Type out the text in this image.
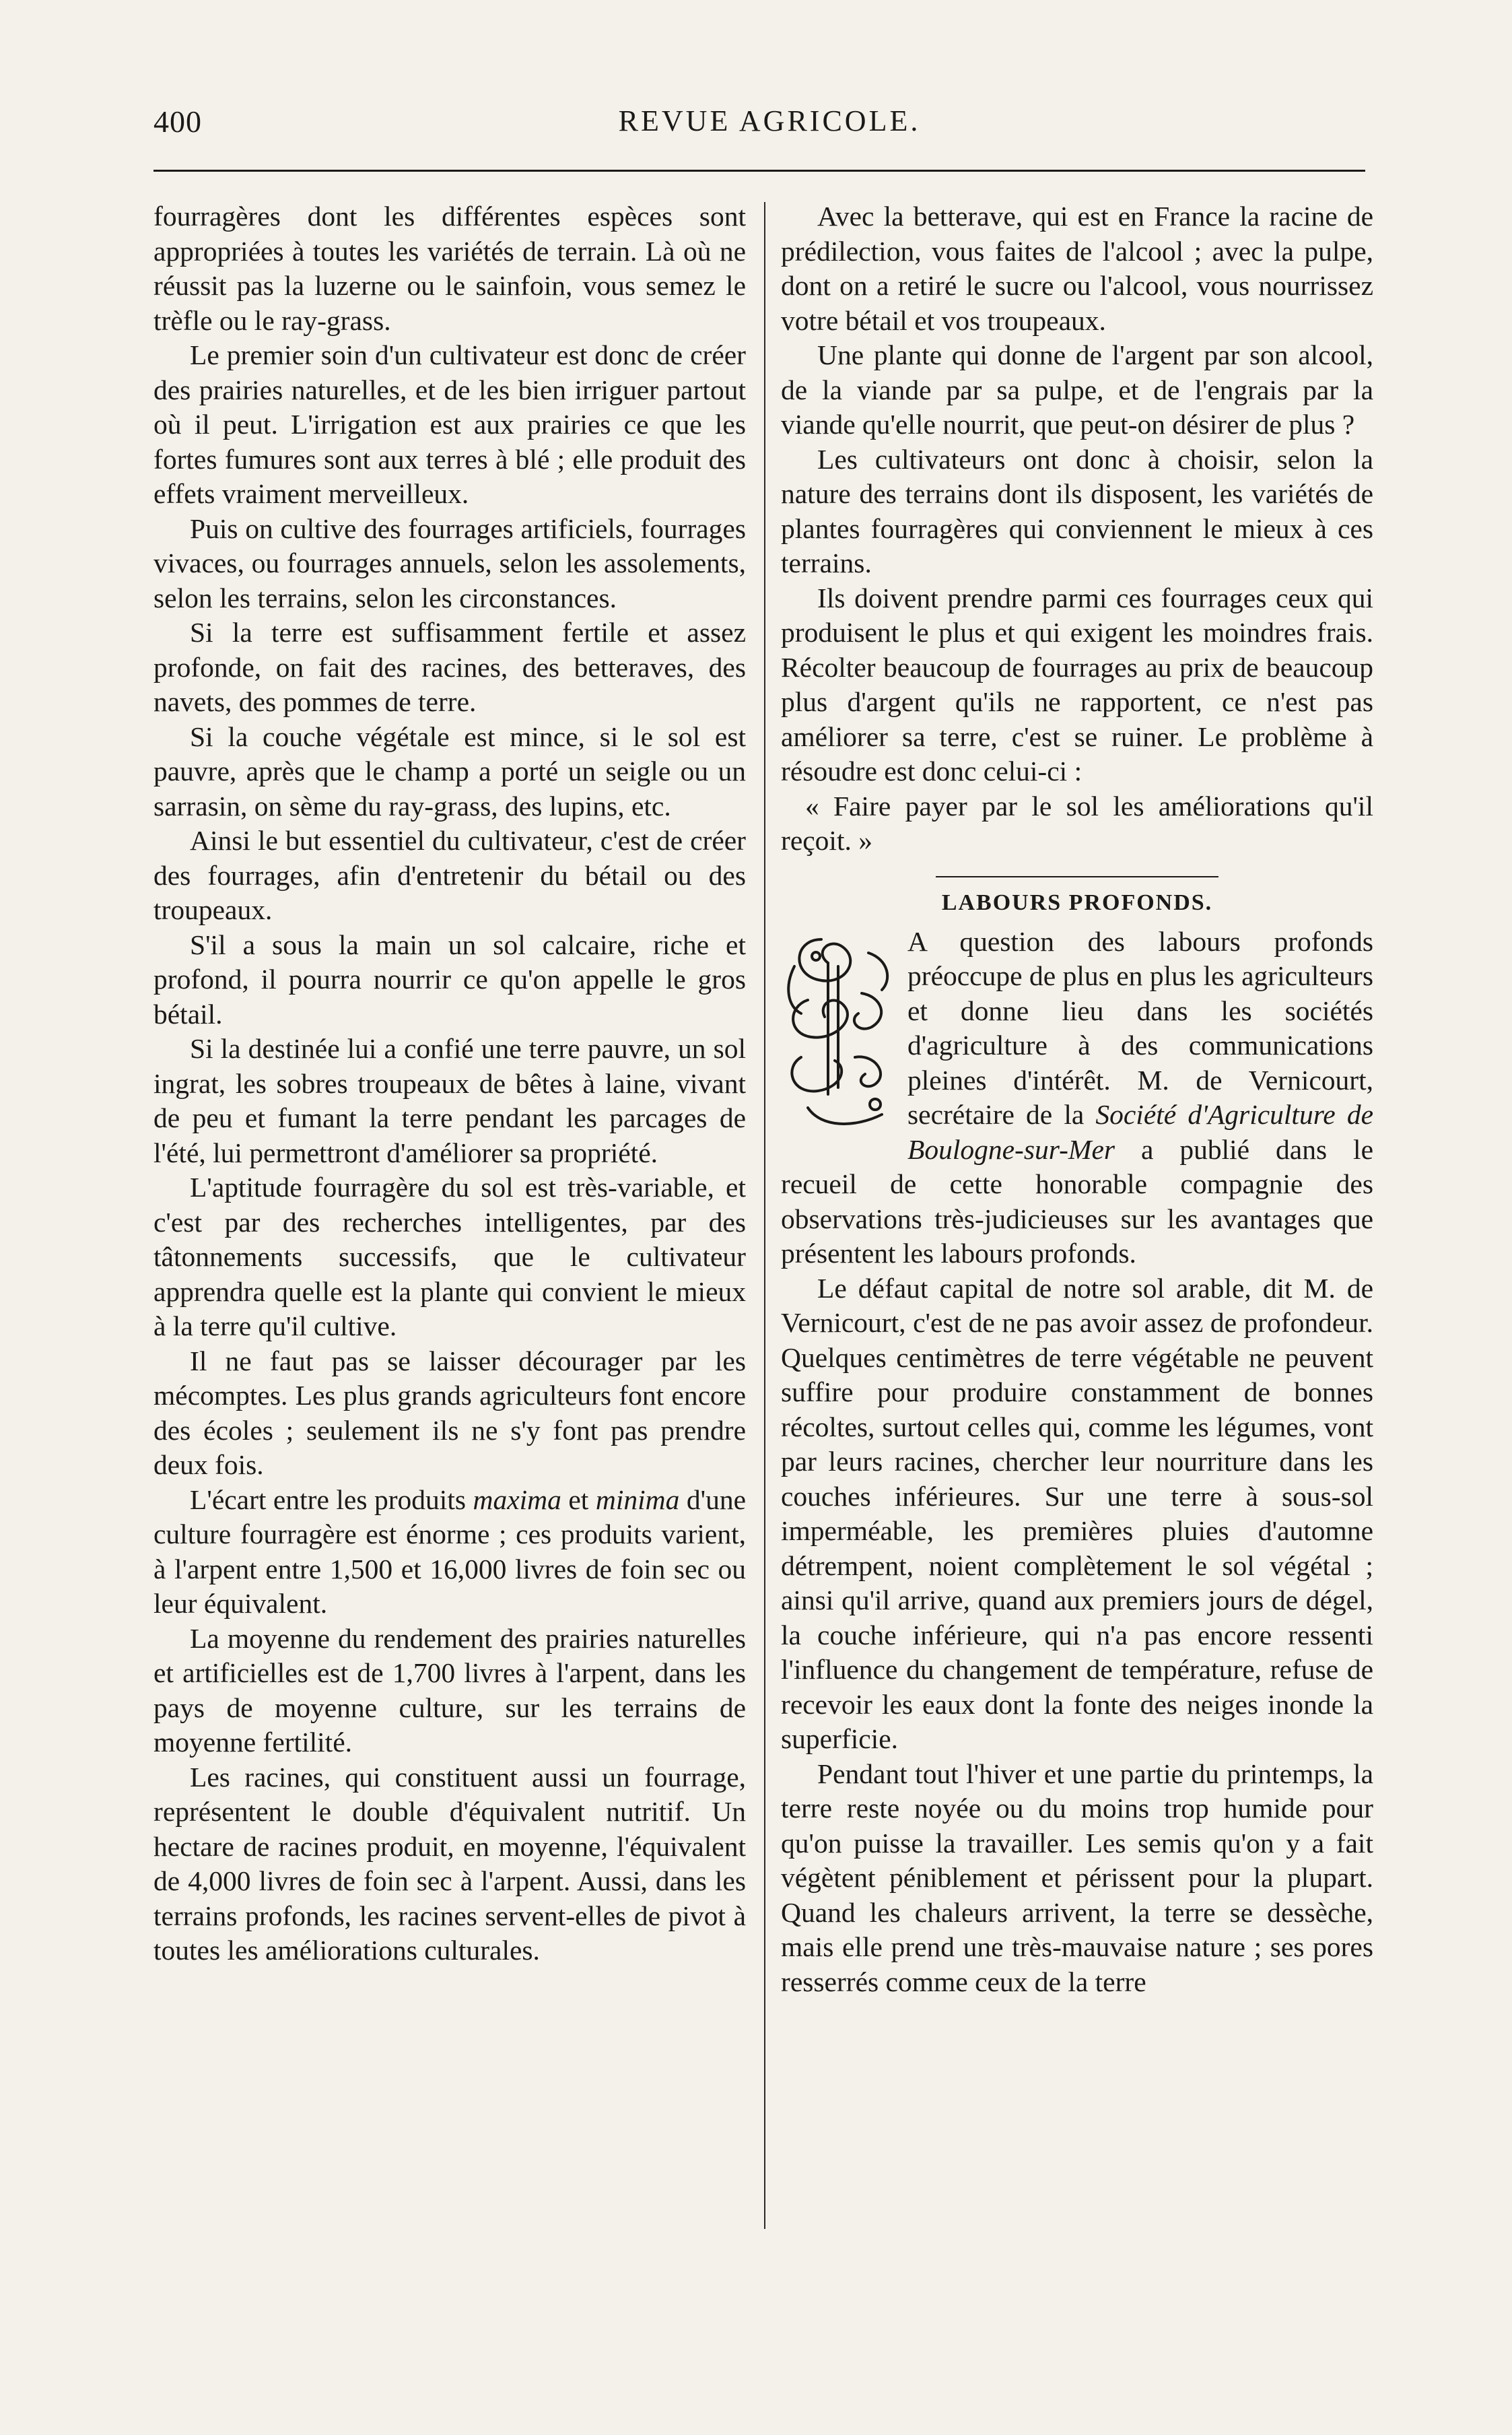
400	REVUE AGRICOLE.

fourragères dont les différentes espèces sont appropriées à toutes les variétés de terrain. Là où ne réussit pas la luzerne ou le sainfoin, vous semez le trèfle ou le ray-grass.

Le premier soin d'un cultivateur est donc de créer des prairies naturelles, et de les bien irriguer partout où il peut. L'irrigation est aux prairies ce que les fortes fumures sont aux terres à blé ; elle produit des effets vraiment merveilleux.

Puis on cultive des fourrages artificiels, fourrages vivaces, ou fourrages annuels, selon les assolements, selon les terrains, selon les circonstances.

Si la terre est suffisamment fertile et assez profonde, on fait des racines, des betteraves, des navets, des pommes de terre.

Si la couche végétale est mince, si le sol est pauvre, après que le champ a porté un seigle ou un sarrasin, on sème du ray-grass, des lupins, etc.

Ainsi le but essentiel du cultivateur, c'est de créer des fourrages, afin d'entretenir du bétail ou des troupeaux.

S'il a sous la main un sol calcaire, riche et profond, il pourra nourrir ce qu'on appelle le gros bétail.

Si la destinée lui a confié une terre pauvre, un sol ingrat, les sobres troupeaux de bêtes à laine, vivant de peu et fumant la terre pendant les parcages de l'été, lui permettront d'améliorer sa propriété.

L'aptitude fourragère du sol est très-variable, et c'est par des recherches intelligentes, par des tâtonnements successifs, que le cultivateur apprendra quelle est la plante qui convient le mieux à la terre qu'il cultive.

Il ne faut pas se laisser décourager par les mécomptes. Les plus grands agriculteurs font encore des écoles ; seulement ils ne s'y font pas prendre deux fois.

L'écart entre les produits maxima et minima d'une culture fourragère est énorme ; ces produits varient, à l'arpent entre 1,500 et 16,000 livres de foin sec ou leur équivalent.

La moyenne du rendement des prairies naturelles et artificielles est de 1,700 livres à l'arpent, dans les pays de moyenne culture, sur les terrains de moyenne fertilité.

Les racines, qui constituent aussi un fourrage, représentent le double d'équivalent nutritif. Un hectare de racines produit, en moyenne, l'équivalent de 4,000 livres de foin sec à l'arpent. Aussi, dans les terrains profonds, les racines servent-elles de pivot à toutes les améliorations culturales.

Avec la betterave, qui est en France la racine de prédilection, vous faites de l'alcool ; avec la pulpe, dont on a retiré le sucre ou l'alcool, vous nourrissez votre bétail et vos troupeaux.

Une plante qui donne de l'argent par son alcool, de la viande par sa pulpe, et de l'engrais par la viande qu'elle nourrit, que peut-on désirer de plus ?

Les cultivateurs ont donc à choisir, selon la nature des terrains dont ils disposent, les variétés de plantes fourragères qui conviennent le mieux à ces terrains.

Ils doivent prendre parmi ces fourrages ceux qui produisent le plus et qui exigent les moindres frais. Récolter beaucoup de fourrages au prix de beaucoup plus d'argent qu'ils ne rapportent, ce n'est pas améliorer sa terre, c'est se ruiner. Le problème à résoudre est donc celui-ci :

« Faire payer par le sol les améliorations qu'il reçoit. »

LABOURS PROFONDS.

A question des labours profonds préoccupe de plus en plus les agriculteurs et donne lieu dans les sociétés d'agriculture à des communications pleines d'intérêt. M. de Vernicourt, secrétaire de la Société d'Agriculture de Boulogne-sur-Mer a publié dans le recueil de cette honorable compagnie des observations très-judicieuses sur les avantages que présentent les labours profonds.

Le défaut capital de notre sol arable, dit M. de Vernicourt, c'est de ne pas avoir assez de profondeur. Quelques centimètres de terre végétable ne peuvent suffire pour produire constamment de bonnes récoltes, surtout celles qui, comme les légumes, vont par leurs racines, chercher leur nourriture dans les couches inférieures. Sur une terre à sous-sol imperméable, les premières pluies d'automne détrempent, noient complètement le sol végétal ; ainsi qu'il arrive, quand aux premiers jours de dégel, la couche inférieure, qui n'a pas encore ressenti l'influence du changement de température, refuse de recevoir les eaux dont la fonte des neiges inonde la superficie.

Pendant tout l'hiver et une partie du printemps, la terre reste noyée ou du moins trop humide pour qu'on puisse la travailler. Les semis qu'on y a fait végètent péniblement et périssent pour la plupart. Quand les chaleurs arrivent, la terre se dessèche, mais elle prend une très-mauvaise nature ; ses pores resserrés comme ceux de la terre
